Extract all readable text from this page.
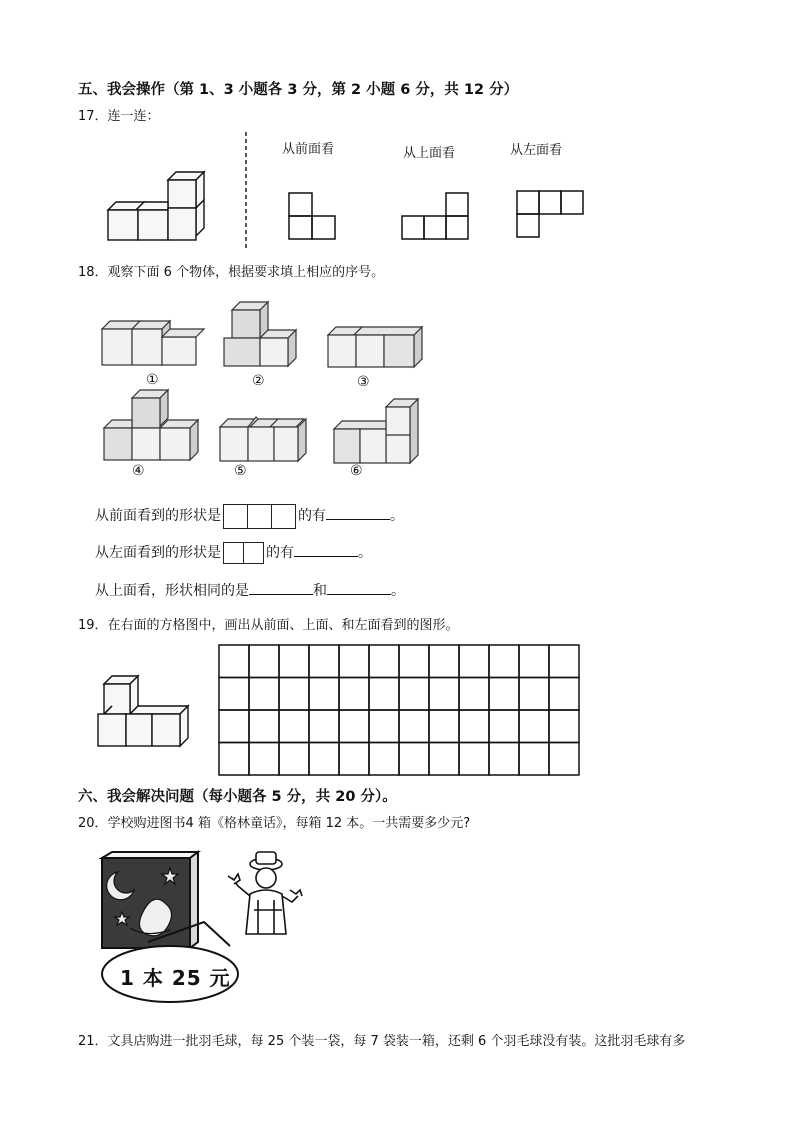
五、我会操作（第 1、3 小题各 3 分，第 2 小题 6 分，共 12 分）
17．连一连：
从前面看	从上面看	从左面看
18．观察下面 6 个物体，根据要求填上相应的序号。
①	②	③
④	⑤	⑥
从前面看到的形状是	的有	。
从左面看到的形状是	的有	。
从上面看，形状相同的是	和	。
19．在右面的方格图中，画出从前面、上面、和左面看到的图形。
六、我会解决问题（每小题各 5 分，共 20 分）。
20．学校购进图书4 箱《格林童话》，每箱 12 本。一共需要多少元?
1 本 25 元
21．文具店购进一批羽毛球，每 25 个装一袋，每 7 袋装一箱，还剩 6 个羽毛球没有装。这批羽毛球有多
